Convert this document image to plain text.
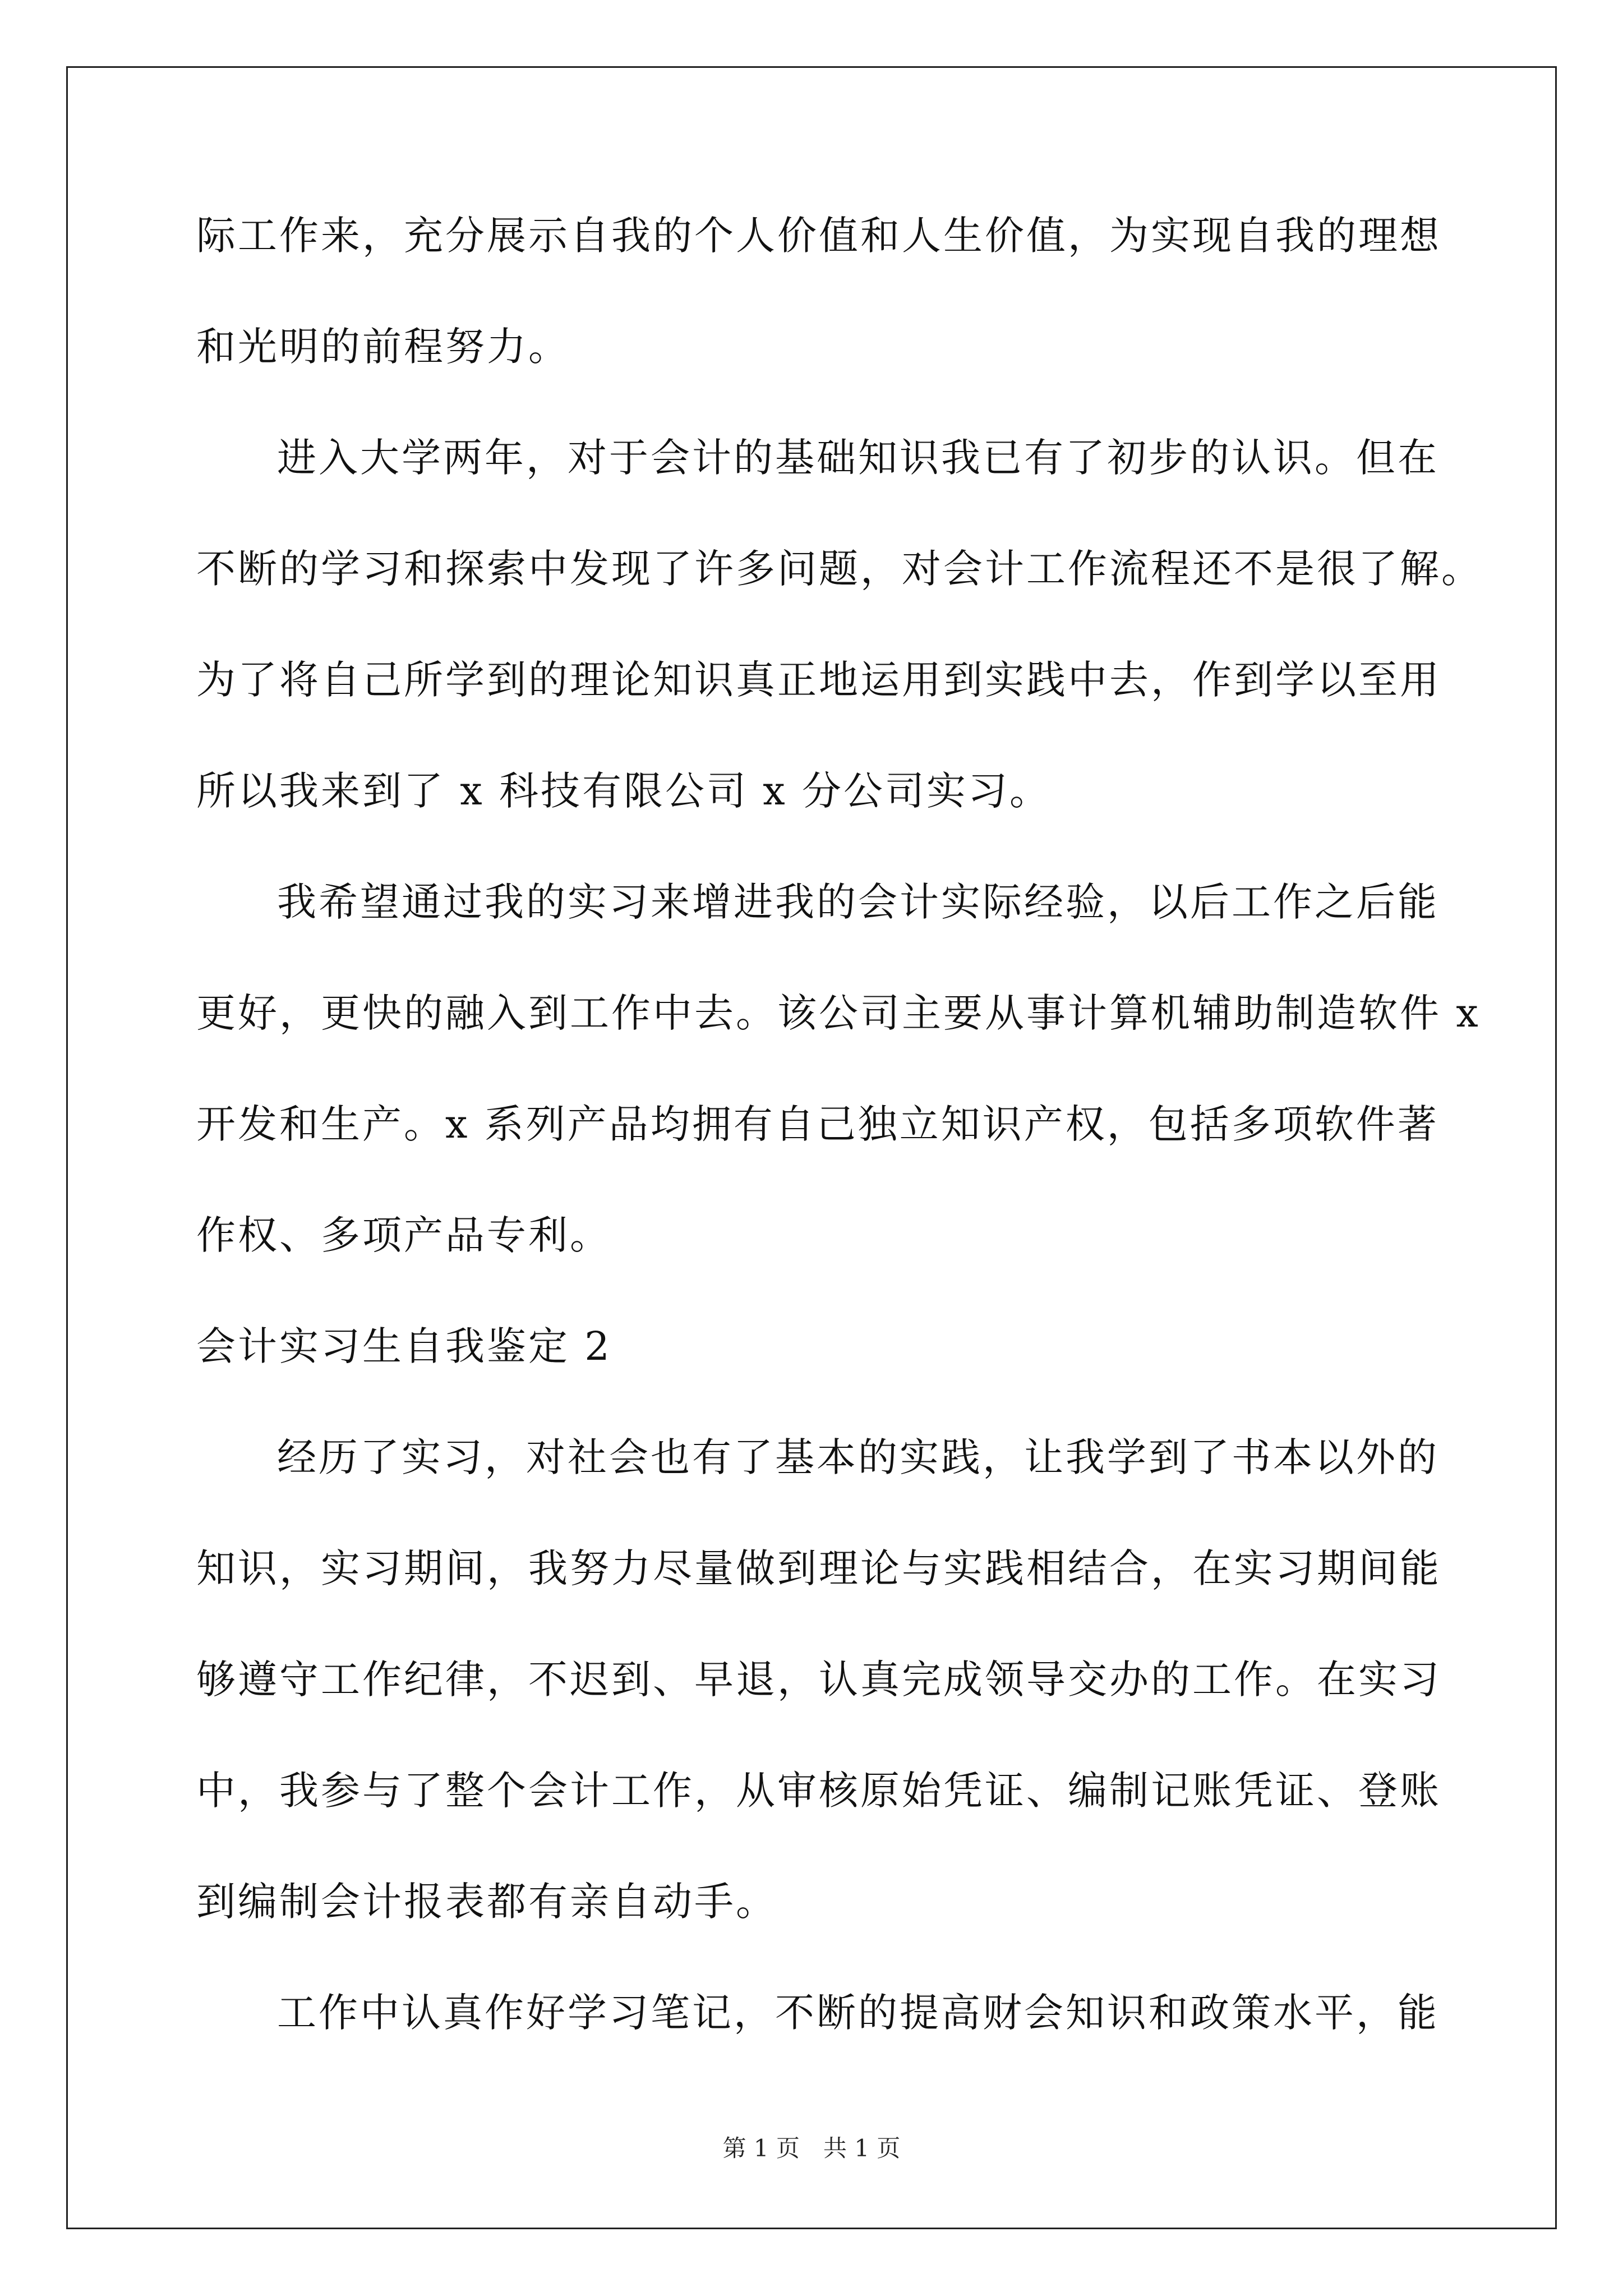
际工作来，充分展示自我的个人价值和人生价值，为实现自我的理想
和光明的前程努力。
进入大学两年，对于会计的基础知识我已有了初步的认识。但在
不断的学习和探索中发现了许多问题，对会计工作流程还不是很了解。
为了将自己所学到的理论知识真正地运用到实践中去，作到学以至用
所以我来到了 x 科技有限公司 x 分公司实习。
我希望通过我的实习来增进我的会计实际经验，以后工作之后能
更好，更快的融入到工作中去。该公司主要从事计算机辅助制造软件 x
开发和生产。x 系列产品均拥有自己独立知识产权，包括多项软件著
作权、多项产品专利。
会计实习生自我鉴定 2
经历了实习，对社会也有了基本的实践，让我学到了书本以外的
知识，实习期间，我努力尽量做到理论与实践相结合，在实习期间能
够遵守工作纪律，不迟到、早退，认真完成领导交办的工作。在实习
中，我参与了整个会计工作，从审核原始凭证、编制记账凭证、登账
到编制会计报表都有亲自动手。
工作中认真作好学习笔记，不断的提高财会知识和政策水平，能
第 1 页　共 1 页
